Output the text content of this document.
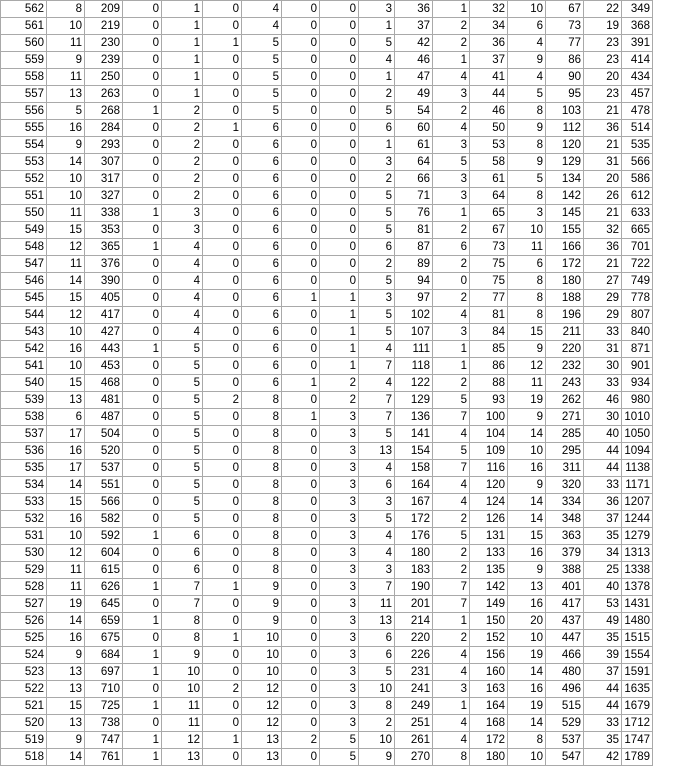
562	8	209	0	1	0	4	0	0	3	36	1	32	10	67	22	349
561	10	219	0	1	0	4	0	0	1	37	2	34	6	73	19	368
560	11	230	0	1	1	5	0	0	5	42	2	36	4	77	23	391
559	9	239	0	1	0	5	0	0	4	46	1	37	9	86	23	414
558	11	250	0	1	0	5	0	0	1	47	4	41	4	90	20	434
557	13	263	0	1	0	5	0	0	2	49	3	44	5	95	23	457
556	5	268	1	2	0	5	0	0	5	54	2	46	8	103	21	478
555	16	284	0	2	1	6	0	0	6	60	4	50	9	112	36	514
554	9	293	0	2	0	6	0	0	1	61	3	53	8	120	21	535
553	14	307	0	2	0	6	0	0	3	64	5	58	9	129	31	566
552	10	317	0	2	0	6	0	0	2	66	3	61	5	134	20	586
551	10	327	0	2	0	6	0	0	5	71	3	64	8	142	26	612
550	11	338	1	3	0	6	0	0	5	76	1	65	3	145	21	633
549	15	353	0	3	0	6	0	0	5	81	2	67	10	155	32	665
548	12	365	1	4	0	6	0	0	6	87	6	73	11	166	36	701
547	11	376	0	4	0	6	0	0	2	89	2	75	6	172	21	722
546	14	390	0	4	0	6	0	0	5	94	0	75	8	180	27	749
545	15	405	0	4	0	6	1	1	3	97	2	77	8	188	29	778
544	12	417	0	4	0	6	0	1	5	102	4	81	8	196	29	807
543	10	427	0	4	0	6	0	1	5	107	3	84	15	211	33	840
542	16	443	1	5	0	6	0	1	4	111	1	85	9	220	31	871
541	10	453	0	5	0	6	0	1	7	118	1	86	12	232	30	901
540	15	468	0	5	0	6	1	2	4	122	2	88	11	243	33	934
539	13	481	0	5	2	8	0	2	7	129	5	93	19	262	46	980
538	6	487	0	5	0	8	1	3	7	136	7	100	9	271	30	1010
537	17	504	0	5	0	8	0	3	5	141	4	104	14	285	40	1050
536	16	520	0	5	0	8	0	3	13	154	5	109	10	295	44	1094
535	17	537	0	5	0	8	0	3	4	158	7	116	16	311	44	1138
534	14	551	0	5	0	8	0	3	6	164	4	120	9	320	33	1171
533	15	566	0	5	0	8	0	3	3	167	4	124	14	334	36	1207
532	16	582	0	5	0	8	0	3	5	172	2	126	14	348	37	1244
531	10	592	1	6	0	8	0	3	4	176	5	131	15	363	35	1279
530	12	604	0	6	0	8	0	3	4	180	2	133	16	379	34	1313
529	11	615	0	6	0	8	0	3	3	183	2	135	9	388	25	1338
528	11	626	1	7	1	9	0	3	7	190	7	142	13	401	40	1378
527	19	645	0	7	0	9	0	3	11	201	7	149	16	417	53	1431
526	14	659	1	8	0	9	0	3	13	214	1	150	20	437	49	1480
525	16	675	0	8	1	10	0	3	6	220	2	152	10	447	35	1515
524	9	684	1	9	0	10	0	3	6	226	4	156	19	466	39	1554
523	13	697	1	10	0	10	0	3	5	231	4	160	14	480	37	1591
522	13	710	0	10	2	12	0	3	10	241	3	163	16	496	44	1635
521	15	725	1	11	0	12	0	3	8	249	1	164	19	515	44	1679
520	13	738	0	11	0	12	0	3	2	251	4	168	14	529	33	1712
519	9	747	1	12	1	13	2	5	10	261	4	172	8	537	35	1747
518	14	761	1	13	0	13	0	5	9	270	8	180	10	547	42	1789
